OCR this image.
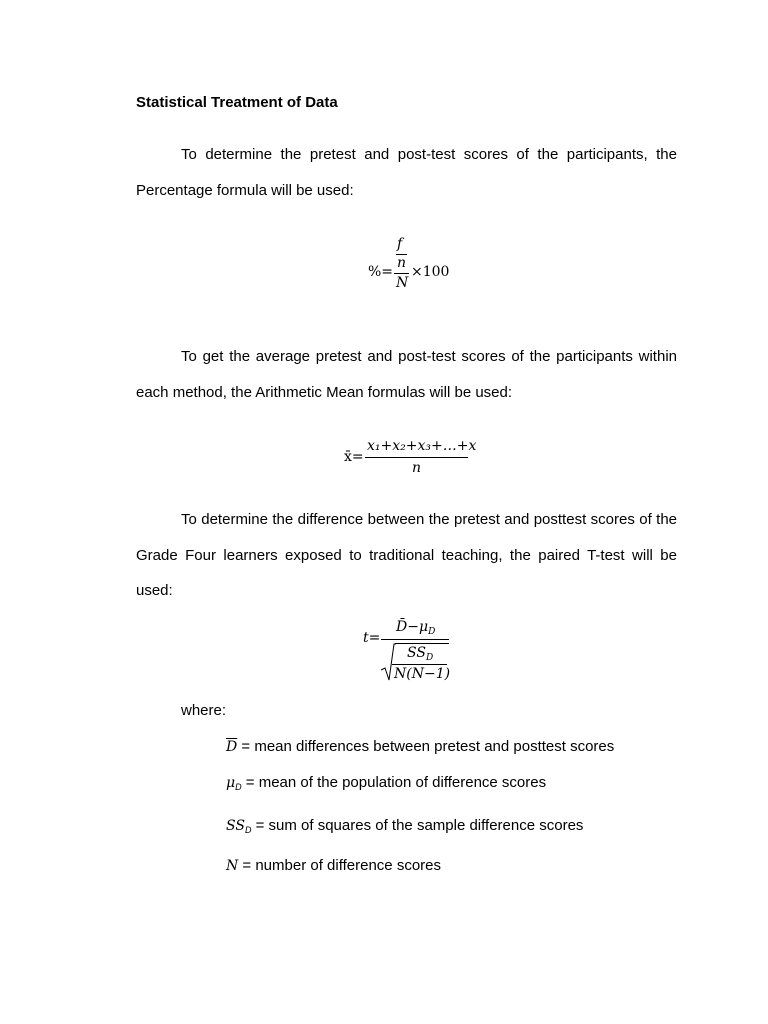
Statistical Treatment of Data
To determine the pretest and post-test scores of the participants, the Percentage formula will be used:
%=
f
n
N
×100
To get the average pretest and post-test scores of the participants within each method, the Arithmetic Mean formulas will be used:
x̄=
x₁+x₂+x₃+…+x
n
To determine the difference between the pretest and posttest scores of the Grade Four learners exposed to traditional teaching, the paired T-test will be used:
t=
$D̄-\mu_D$
$SS_D$
N(N−1)
where:
$\overline{D}$ = mean differences between pretest and posttest scores
$\mu_D$ = mean of the population of difference scores
$SS_D$ = sum of squares of the sample difference scores
N = number of difference scores
